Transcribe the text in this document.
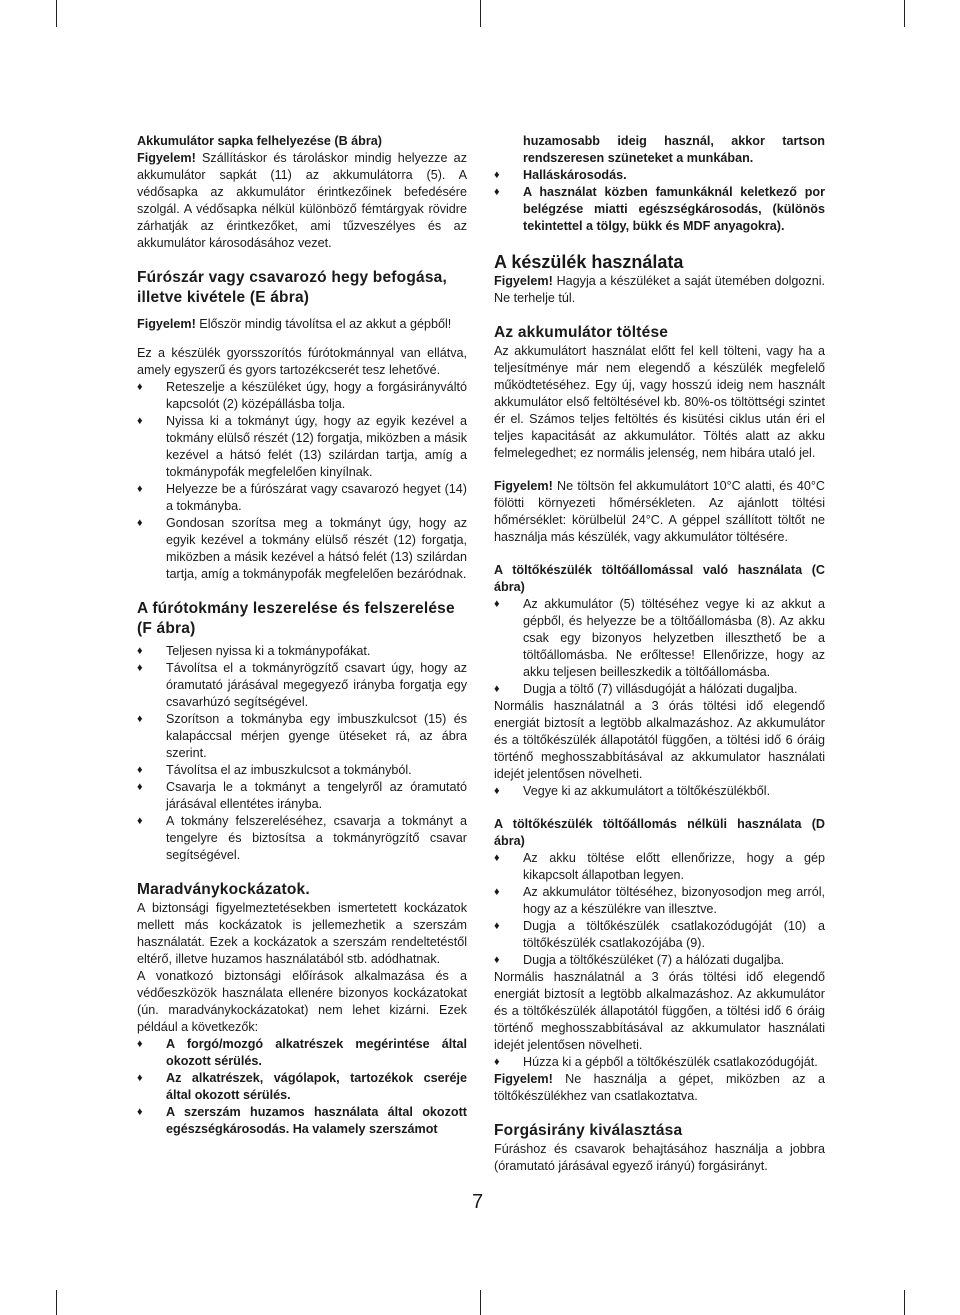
Akkumulátor sapka felhelyezése (B ábra)

Figyelem! Szállításkor és tároláskor mindig helyezze az akkumulátor sapkát (11) az akkumulátorra (5). A védősapka az akkumulátor érintkezőinek befedésére szolgál. A védősapka nélkül különböző fémtárgyak rövidre zárhatják az érintkezőket, ami tűzveszélyes és az akkumulátor károsodásához vezet.

Fúrószár vagy csavarozó hegy befogása, illetve kivétele (E ábra)

Figyelem! Először mindig távolítsa el az akkut a gépből!

Ez a készülék gyorsszorítós fúrótokmánnyal van ellátva, amely egyszerű és gyors tartozékcserét tesz lehetővé.

♦ Reteszelje a készüléket úgy, hogy a forgásirányváltó kapcsolót (2) középállásba tolja.
♦ Nyissa ki a tokmányt úgy, hogy az egyik kezével a tokmány elülső részét (12) forgatja, miközben a másik kezével a hátsó felét (13) szilárdan tartja, amíg a tokmánypofák megfelelően kinyílnak.
♦ Helyezze be a fúrószárat vagy csavarozó hegyet (14) a tokmányba.
♦ Gondosan szorítsa meg a tokmányt úgy, hogy az egyik kezével a tokmány elülső részét (12) forgatja, miközben a másik kezével a hátsó felét (13) szilárdan tartja, amíg a tokmánypofák megfelelően bezáródnak.
A fúrótokmány leszerelése és felszerelése (F ábra)
♦ Teljesen nyissa ki a tokmánypofákat.
♦ Távolítsa el a tokmányrögzítő csavart úgy, hogy az óramutató járásával megegyező irányba forgatja egy csavarhúzó segítségével.
♦ Szorítson a tokmányba egy imbuszkulcsot (15) és kalapáccsal mérjen gyenge ütéseket rá, az ábra szerint.
♦ Távolítsa el az imbuszkulcsot a tokmányból.
♦ Csavarja le a tokmányt a tengelyről az óramutató járásával ellentétes irányba.
♦ A tokmány felszereléséhez, csavarja a tokmányt a tengelyre és biztosítsa a tokmányrögzítő csavar segítségével.
Maradványkockázatok.

A biztonsági figyelmeztetésekben ismertetett kockázatok mellett más kockázatok is jellemezhetik a szerszám használatát. Ezek a kockázatok a szerszám rendeltetéstől eltérő, illetve huzamos használatából stb. adódhatnak.

A vonatkozó biztonsági előírások alkalmazása és a védőeszközök használata ellenére bizonyos kockázatokat (ún. maradványkockázatokat) nem lehet kizárni. Ezek például a következők:

♦ A forgó/mozgó alkatrészek megérintése által okozott sérülés.
♦ Az alkatrészek, vágólapok, tartozékok cseréje által okozott sérülés.
♦ A szerszám huzamos használata által okozott egészségkárosodás. Ha valamely szerszámot

huzamosabb ideig használ, akkor tartson rendszeresen szüneteket a munkában.

♦ Halláskárosodás.
♦ A használat közben famunkáknál keletkező por belégzése miatti egészségkárosodás, (különös tekintettel a tölgy, bükk és MDF anyagokra).
A készülék használata

Figyelem! Hagyja a készüléket a saját ütemében dolgozni. Ne terhelje túl.

Az akkumulátor töltése

Az akkumulátort használat előtt fel kell tölteni, vagy ha a teljesítménye már nem elegendő a készülék megfelelő működtetéséhez. Egy új, vagy hosszú ideig nem használt akkumulátor első feltöltésével kb. 80%-os töltöttségi szintet ér el. Számos teljes feltöltés és kisütési ciklus után éri el teljes kapacitását az akkumulátor. Töltés alatt az akku felmelegedhet; ez normális jelenség, nem hibára utaló jel.

Figyelem! Ne töltsön fel akkumulátort 10°C alatti, és 40°C fölötti környezeti hőmérsékleten. Az ajánlott töltési hőmérséklet: körülbelül 24°C. A géppel szállított töltőt ne használja más készülék, vagy akkumulátor töltésére.

A töltőkészülék töltőállomással való használata (C ábra)

♦ Az akkumulátor (5) töltéséhez vegye ki az akkut a gépből, és helyezze be a töltőállomásba (8). Az akku csak egy bizonyos helyzetben illeszthető be a töltőállomásba. Ne erőltesse! Ellenőrizze, hogy az akku teljesen beilleszkedik a töltőállomásba.
♦ Dugja a töltő (7) villásdugóját a hálózati dugaljba.

Normális használatnál a 3 órás töltési idő elegendő energiát biztosít a legtöbb alkalmazáshoz. Az akkumulátor és a töltőkészülék állapotától függően, a töltési idő 6 óráig történő meghosszabbításával az akkumulator használati idejét jelentősen növelheti.

♦ Vegye ki az akkumulátort a töltőkészülékből.

A töltőkészülék töltőállomás nélküli használata (D ábra)

♦ Az akku töltése előtt ellenőrizze, hogy a gép kikapcsolt állapotban legyen.
♦ Az akkumulátor töltéséhez, bizonyosodjon meg arról, hogy az a készülékre van illesztve.
♦ Dugja a töltőkészülék csatlakozódugóját (10) a töltőkészülék csatlakozójába (9).
♦ Dugja a töltőkészüléket (7) a hálózati dugaljba.

Normális használatnál a 3 órás töltési idő elegendő energiát biztosít a legtöbb alkalmazáshoz. Az akkumulátor és a töltőkészülék állapotától függően, a töltési idő 6 óráig történő meghosszabbításával az akkumulator használati idejét jelentősen növelheti.

♦ Húzza ki a gépből a töltőkészülék csatlakozódugóját.

Figyelem! Ne használja a gépet, miközben az a töltőkészülékhez van csatlakoztatva.

Forgásirány kiválasztása

Fúráshoz és csavarok behajtásához használja a jobbra (óramutató járásával egyező irányú) forgásirányt.

7
